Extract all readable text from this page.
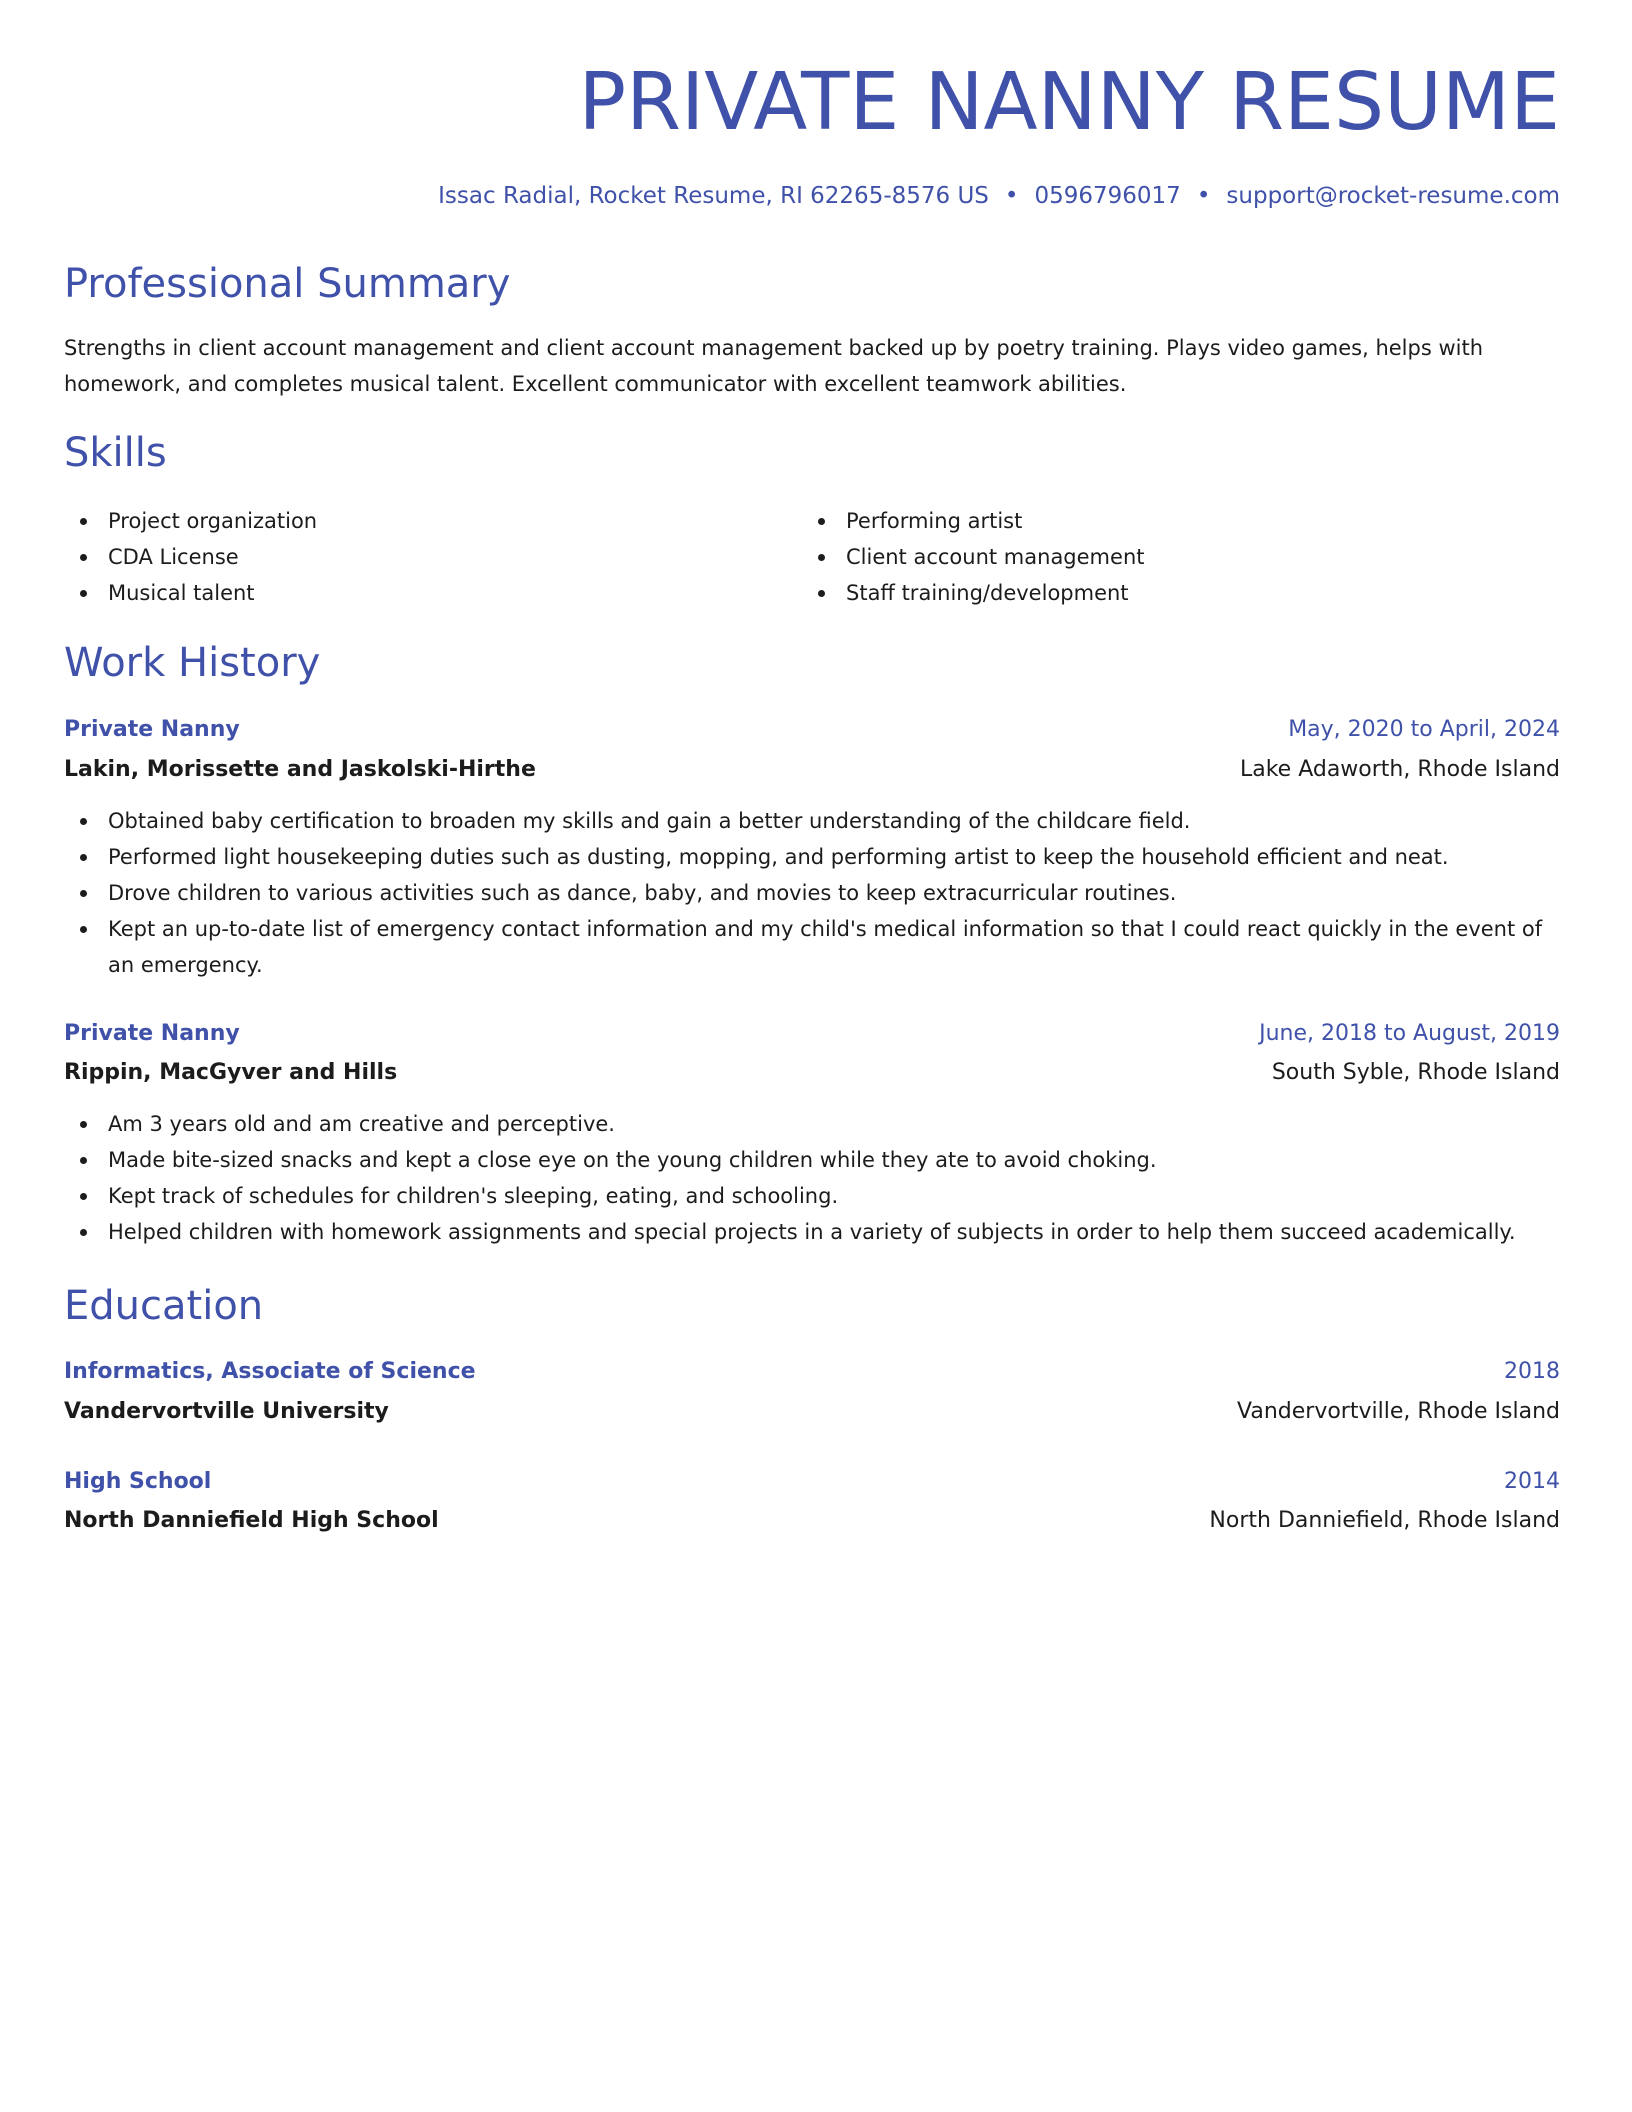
PRIVATE NANNY RESUME
Issac Radial, Rocket Resume, RI 62265-8576 US • 0596796017 • support@rocket-resume.com
Professional Summary

Strengths in client account management and client account management backed up by poetry training. Plays video games, helps with homework, and completes musical talent. Excellent communicator with excellent teamwork abilities.

Skills
Project organization
CDA License
Musical talent
Performing artist
Client account management
Staff training/development
Work History
Private Nanny	May, 2020 to April, 2024
Lakin, Morissette and Jaskolski-Hirthe	Lake Adaworth, Rhode Island
Obtained baby certification to broaden my skills and gain a better understanding of the childcare field.
Performed light housekeeping duties such as dusting, mopping, and performing artist to keep the household efficient and neat.
Drove children to various activities such as dance, baby, and movies to keep extracurricular routines.
Kept an up-to-date list of emergency contact information and my child's medical information so that I could react quickly in the event of an emergency.
Private Nanny	June, 2018 to August, 2019
Rippin, MacGyver and Hills	South Syble, Rhode Island
Am 3 years old and am creative and perceptive.
Made bite-sized snacks and kept a close eye on the young children while they ate to avoid choking.
Kept track of schedules for children's sleeping, eating, and schooling.
Helped children with homework assignments and special projects in a variety of subjects in order to help them succeed academically.
Education
Informatics, Associate of Science	2018
Vandervortville University	Vandervortville, Rhode Island
High School	2014
North Danniefield High School	North Danniefield, Rhode Island
